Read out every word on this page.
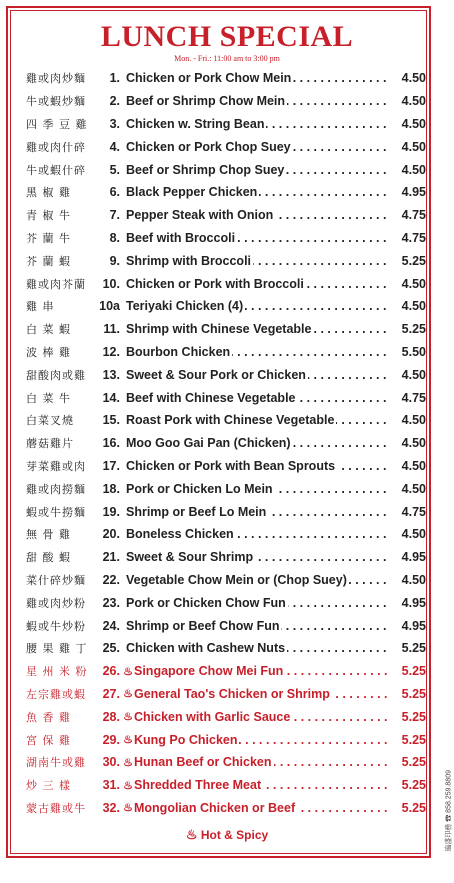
LUNCH SPECIAL
Mon. - Fri.: 11:00 am to 3:00 pm
雞或肉炒麵	1. Chicken or Pork Chow Mein . . .	4.50
牛或蝦炒麵	2. Beef or Shrimp Chow Mein . . .	4.50
四 季 豆 雞	3. Chicken w. String Bean . . .	4.50
雞或肉什碎	4. Chicken or Pork Chop Suey . . .	4.50
牛或蝦什碎	5. Beef or Shrimp Chop Suey . . .	4.50
黑 椒 雞	6. Black Pepper Chicken . . .	4.95
青 椒 牛	7. Pepper Steak with Onion . . .	4.75
芥 蘭 牛	8. Beef with Broccoli . . .	4.75
芥 蘭 蝦	9. Shrimp with Broccoli . . .	5.25
雞或肉芥蘭	10. Chicken or Pork with Broccoli . . .	4.50
雞 串	10a Teriyaki Chicken (4) . . .	4.50
白 菜 蝦	11. Shrimp with Chinese Vegetable . . .	5.25
波 棒 雞	12. Bourbon Chicken . . .	5.50
甜酸肉或雞	13. Sweet & Sour Pork or Chicken . . .	4.50
白 菜 牛	14. Beef with Chinese Vegetable . . .	4.75
白菜叉燒	15. Roast Pork with Chinese Vegetable . . .	4.50
蘑菇雞片	16. Moo Goo Gai Pan (Chicken) . . .	4.50
芽菜雞或肉	17. Chicken or Pork with Bean Sprouts . . .	4.50
雞或肉撈麵	18. Pork or Chicken Lo Mein . . .	4.50
蝦或牛撈麵	19. Shrimp or Beef Lo Mein . . .	4.75
無 骨 雞	20. Boneless Chicken . . .	4.50
甜 酸 蝦	21. Sweet & Sour Shrimp . . .	4.95
菜什碎炒麵	22. Vegetable Chow Mein or (Chop Suey) . . .	4.50
雞或肉炒粉	23. Pork or Chicken Chow Fun . . .	4.95
蝦或牛炒粉	24. Shrimp or Beef Chow Fun . . .	4.95
腰 果 雞 丁	25. Chicken with Cashew Nuts . . .	5.25
星 州 米 粉	26. ♨ Singapore Chow Mei Fun . . .	5.25
左宗雞或蝦	27. ♨ General Tao's Chicken or Shrimp . . .	5.25
魚 香 雞	28. ♨ Chicken with Garlic Sauce . . .	5.25
宮 保 雞	29. ♨ Kung Po Chicken . . .	5.25
湖南牛或雞	30. ♨ Hunan Beef or Chicken . . .	5.25
炒 三 樣	31. ♨ Shredded Three Meat . . .	5.25
蒙古雞或牛	32. ♨ Mongolian Chicken or Beef . . .	5.25
♨ Hot & Spicy	遍盛印務 ☎ 858.259.8809
